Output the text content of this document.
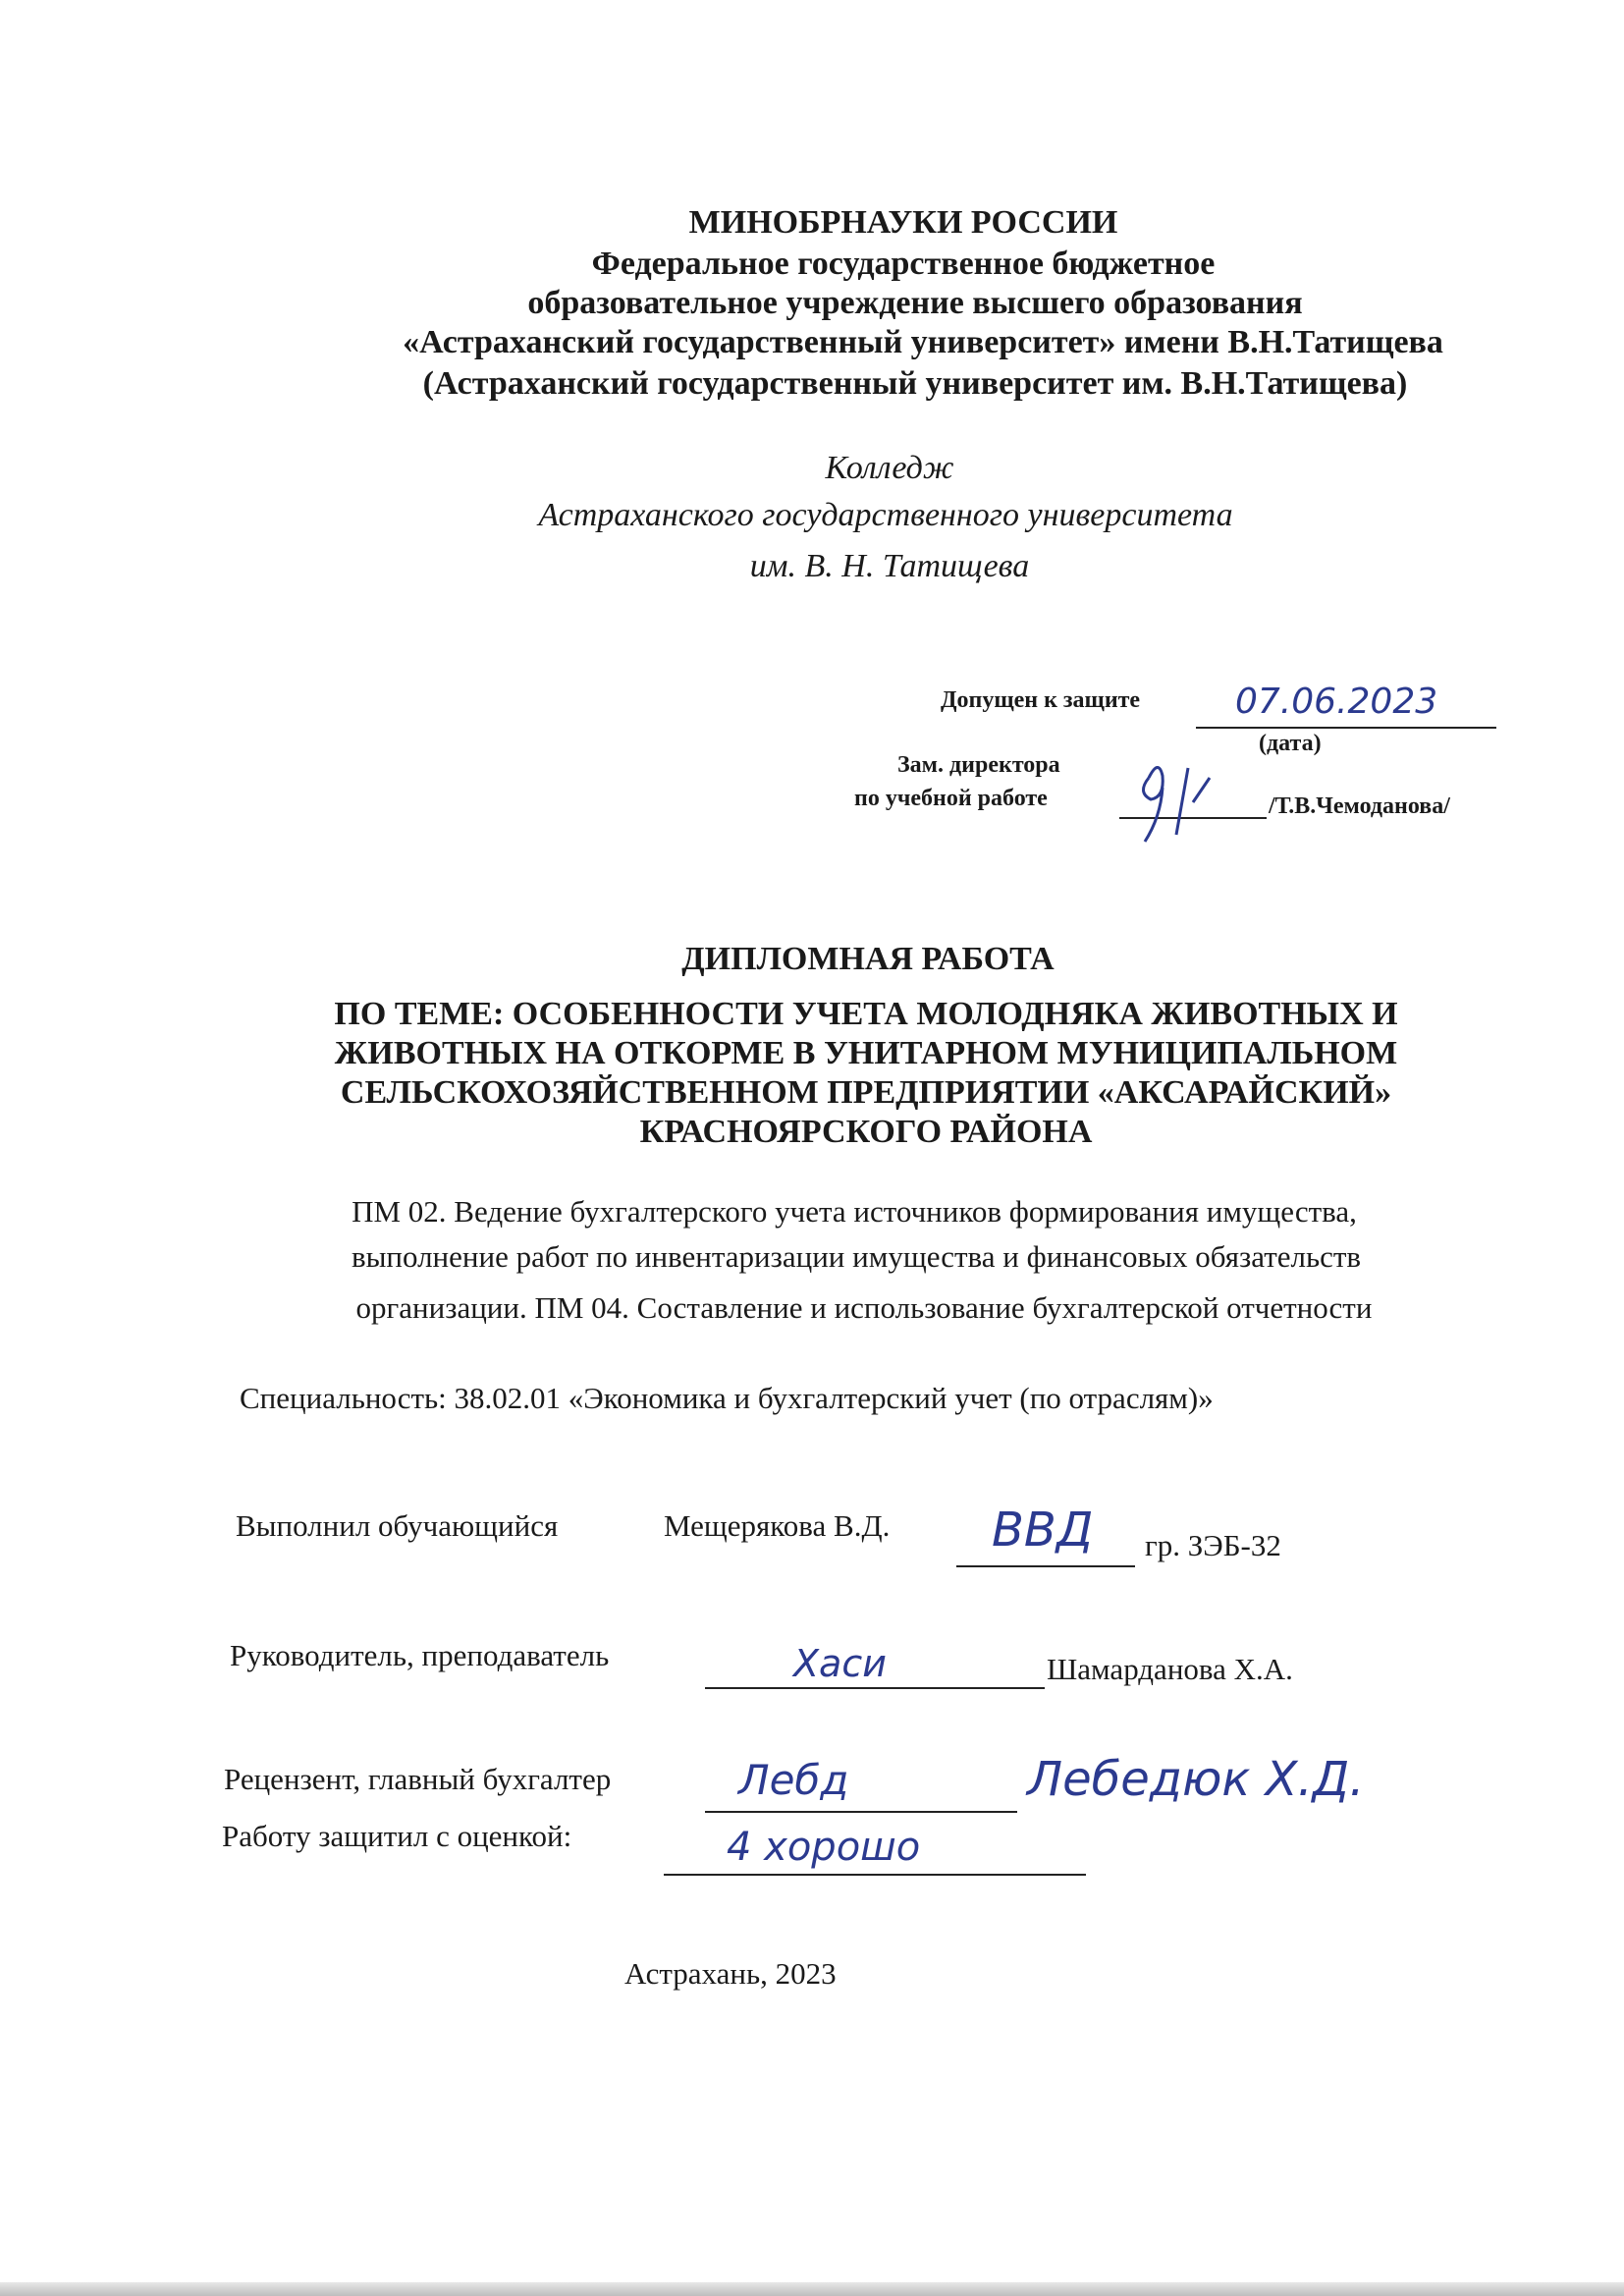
МИНОБРНАУКИ РОССИИ
Федеральное государственное бюджетное
образовательное учреждение высшего образования
«Астраханский государственный университет» имени В.Н.Татищева
(Астраханский государственный университет им. В.Н.Татищева)
Колледж
Астраханского государственного университета
им. В. Н. Татищева
Допущен к защите	07.06.2023
(дата)
Зам. директора
по учебной работе	/Т.В.Чемоданова/
ДИПЛОМНАЯ РАБОТА
ПО ТЕМЕ: ОСОБЕННОСТИ УЧЕТА МОЛОДНЯКА ЖИВОТНЫХ И
ЖИВОТНЫХ НА ОТКОРМЕ В УНИТАРНОМ МУНИЦИПАЛЬНОМ
СЕЛЬСКОХОЗЯЙСТВЕННОМ ПРЕДПРИЯТИИ «АКСАРАЙСКИЙ»
КРАСНОЯРСКОГО РАЙОНА
ПМ 02. Ведение бухгалтерского учета источников формирования имущества,
выполнение работ по инвентаризации имущества и финансовых обязательств
организации. ПМ 04. Составление и использование бухгалтерской отчетности
Специальность: 38.02.01 «Экономика и бухгалтерский учет (по отраслям)»
Выполнил обучающийся	Мещерякова В.Д. ВВД гр. ЗЭБ-32
Руководитель, преподаватель	Хаси	Шамарданова Х.А.
Рецензент, главный бухгалтер	Лебд	Лебедюк Х.Д.
Работу защитил с оценкой:	4 хорошо
Астрахань, 2023
